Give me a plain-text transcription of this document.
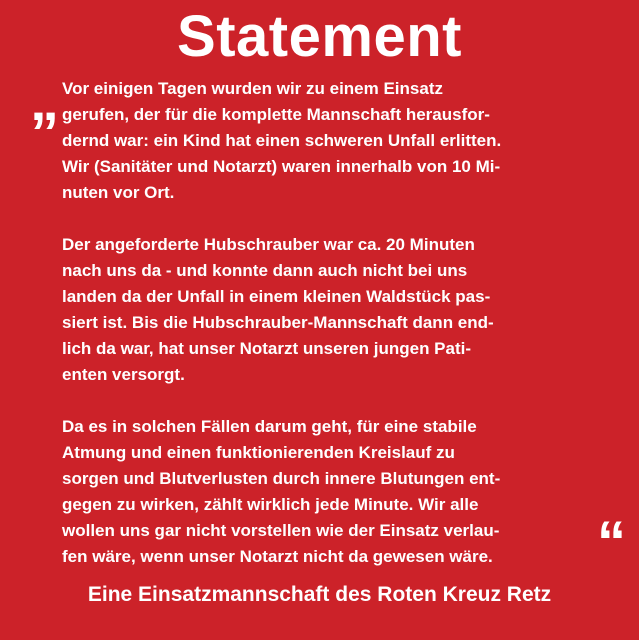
Statement
„ Vor einigen Tagen wurden wir zu einem Einsatz
gerufen, der für die komplette Mannschaft herausfor-
dernd war: ein Kind hat einen schweren Unfall erlitten.
Wir (Sanitäter und Notarzt) waren innerhalb von 10 Mi-
nuten vor Ort.
Der angeforderte Hubschrauber war ca. 20 Minuten
nach uns da - und konnte dann auch nicht bei uns
landen da der Unfall in einem kleinen Waldstück pas-
siert ist. Bis die Hubschrauber-Mannschaft dann end-
lich da war, hat unser Notarzt unseren jungen Pati-
enten versorgt.
Da es in solchen Fällen darum geht, für eine stabile
Atmung und einen funktionierenden Kreislauf zu
sorgen und Blutverlusten durch innere Blutungen ent-
gegen zu wirken, zählt wirklich jede Minute. Wir alle
wollen uns gar nicht vorstellen wie der Einsatz verlau-
fen wäre, wenn unser Notarzt nicht da gewesen wäre.	“
Eine Einsatzmannschaft des Roten Kreuz Retz
